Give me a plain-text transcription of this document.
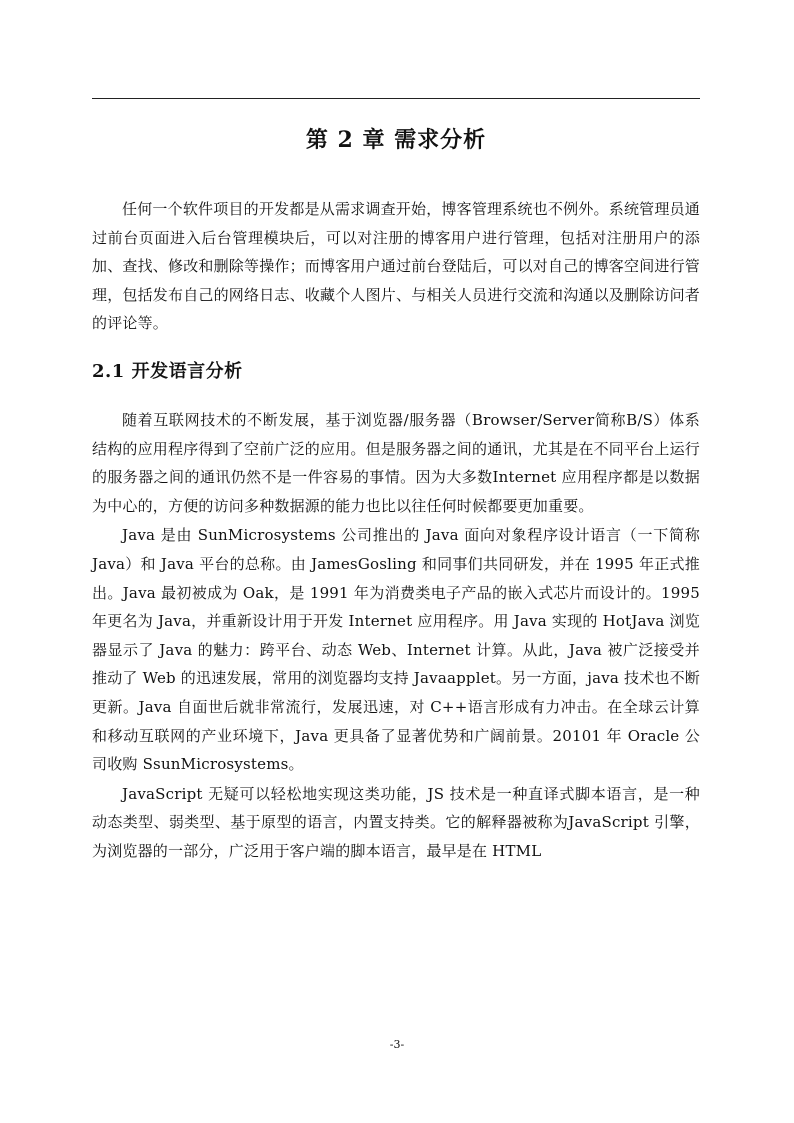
第 2 章 需求分析

任何一个软件项目的开发都是从需求调查开始，博客管理系统也不例外。系统管理员通过前台页面进入后台管理模块后，可以对注册的博客用户进行管理，包括对注册用户的添加、查找、修改和删除等操作；而博客用户通过前台登陆后，可以对自己的博客空间进行管理，包括发布自己的网络日志、收藏个人图片、与相关人员进行交流和沟通以及删除访问者的评论等。

2.1 开发语言分析

随着互联网技术的不断发展，基于浏览器/服务器（Browser/Server简称B/S）体系结构的应用程序得到了空前广泛的应用。但是服务器之间的通讯，尤其是在不同平台上运行的服务器之间的通讯仍然不是一件容易的事情。因为大多数Internet 应用程序都是以数据为中心的，方便的访问多种数据源的能力也比以往任何时候都要更加重要。

Java 是由 SunMicrosystems 公司推出的 Java 面向对象程序设计语言（一下简称 Java）和 Java 平台的总称。由 JamesGosling 和同事们共同研发，并在 1995 年正式推出。Java 最初被成为 Oak，是 1991 年为消费类电子产品的嵌入式芯片而设计的。1995 年更名为 Java，并重新设计用于开发 Internet 应用程序。用 Java 实现的 HotJava 浏览器显示了 Java 的魅力：跨平台、动态 Web、Internet 计算。从此，Java 被广泛接受并推动了 Web 的迅速发展，常用的浏览器均支持 Javaapplet。另一方面，java 技术也不断更新。Java 自面世后就非常流行，发展迅速，对 C++语言形成有力冲击。在全球云计算和移动互联网的产业环境下，Java 更具备了显著优势和广阔前景。20101 年 Oracle 公司收购 SsunMicrosystems。

JavaScript 无疑可以轻松地实现这类功能，JS 技术是一种直译式脚本语言，是一种动态类型、弱类型、基于原型的语言，内置支持类。它的解释器被称为JavaScript 引擎，为浏览器的一部分，广泛用于客户端的脚本语言，最早是在 HTML

-3-
